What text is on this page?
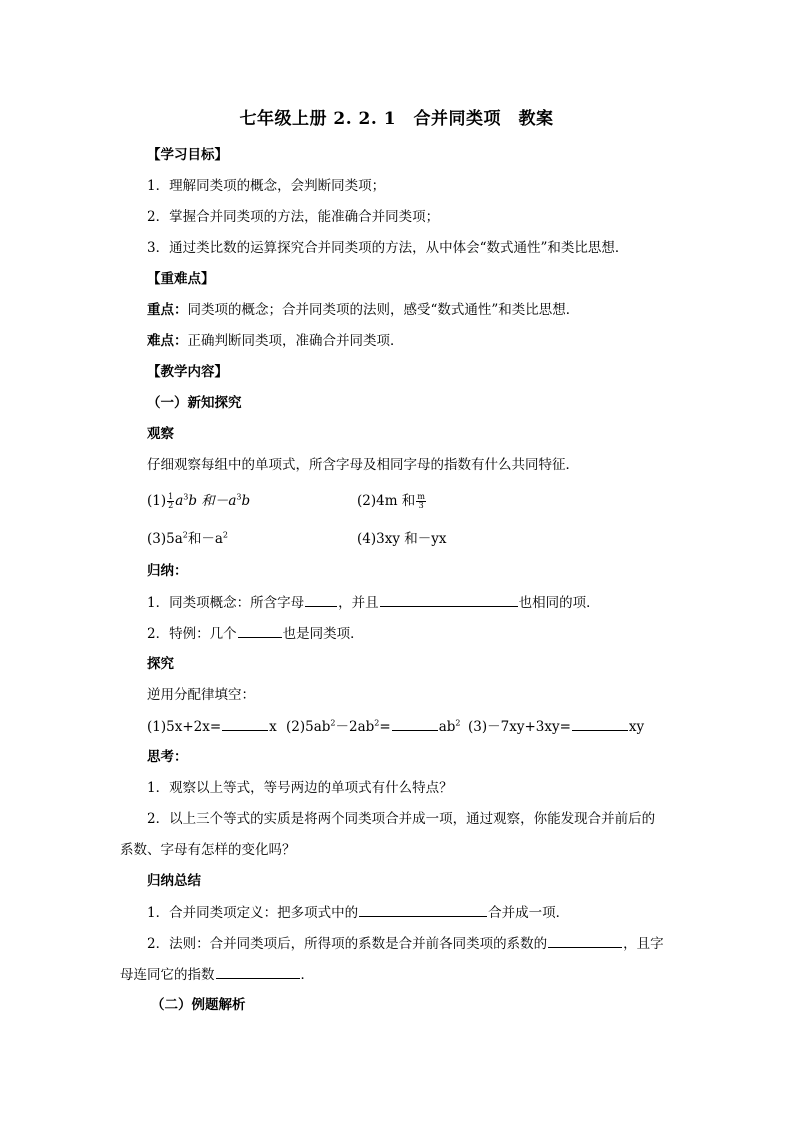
七年级上册 2. 2. 1　合并同类项　教案
【学习目标】
1．理解同类项的概念，会判断同类项；
2．掌握合并同类项的方法，能准确合并同类项；
3．通过类比数的运算探究合并同类项的方法，从中体会“数式通性”和类比思想．
【重难点】
重点：同类项的概念；合并同类项的法则，感受“数式通性”和类比思想．
难点：正确判断同类项，准确合并同类项．
【教学内容】
（一）新知探究
观察
仔细观察每组中的单项式，所含字母及相同字母的指数有什么共同特征．
$(1) \frac{1}{2} a^3b$ 和$-a^3b$	(2)4m 和 $\frac{m}{3}$
$(3)5a^2$和$-a^2$	(4)3xy 和－yx
归纳：
1．同类项概念：所含字母	，并且	也相同的项．
2．特例：几个	也是同类项．
探究
逆用分配律填空：
(1)5x+2x=	x $(2)5ab^2-2ab^2=$	$ab^2$ (3)－7xy+3xy=	xy
思考：
1．观察以上等式，等号两边的单项式有什么特点？
2．以上三个等式的实质是将两个同类项合并成一项，通过观察，你能发现合并前后的
系数、字母有怎样的变化吗？
归纳总结
1．合并同类项定义：把多项式中的	合并成一项．
2．法则：合并同类项后，所得项的系数是合并前各同类项的系数的	，且字
母连同它的指数	．
（二）例题解析
